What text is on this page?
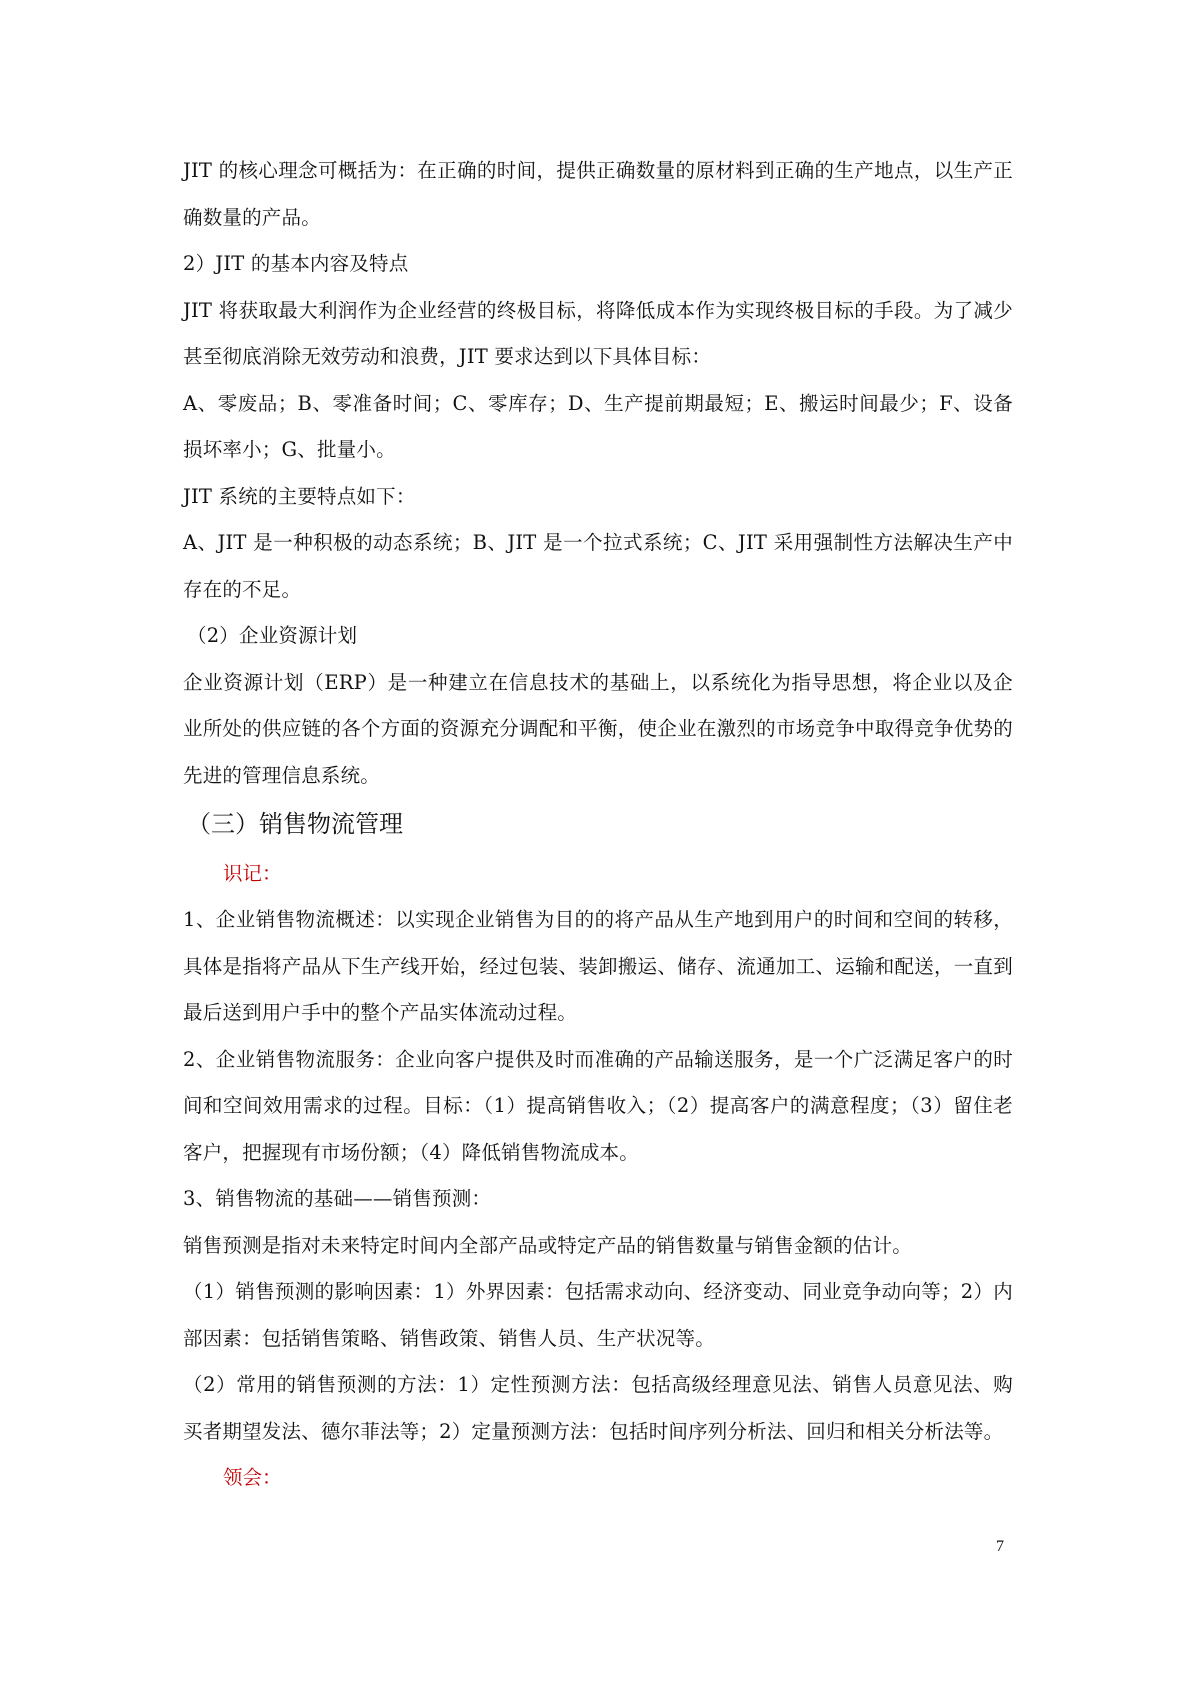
JIT 的核心理念可概括为：在正确的时间，提供正确数量的原材料到正确的生产地点，以生产正确数量的产品。

2）JIT 的基本内容及特点

JIT 将获取最大利润作为企业经营的终极目标，将降低成本作为实现终极目标的手段。为了减少甚至彻底消除无效劳动和浪费，JIT 要求达到以下具体目标：

A、零废品；B、零准备时间；C、零库存；D、生产提前期最短；E、搬运时间最少；F、设备损坏率小；G、批量小。

JIT 系统的主要特点如下：

A、JIT 是一种积极的动态系统；B、JIT 是一个拉式系统；C、JIT 采用强制性方法解决生产中存在的不足。

（2）企业资源计划

企业资源计划（ERP）是一种建立在信息技术的基础上，以系统化为指导思想，将企业以及企业所处的供应链的各个方面的资源充分调配和平衡，使企业在激烈的市场竞争中取得竞争优势的先进的管理信息系统。

（三）销售物流管理
识记：

1、企业销售物流概述：以实现企业销售为目的的将产品从生产地到用户的时间和空间的转移，具体是指将产品从下生产线开始，经过包装、装卸搬运、储存、流通加工、运输和配送，一直到最后送到用户手中的整个产品实体流动过程。

2、企业销售物流服务：企业向客户提供及时而准确的产品输送服务，是一个广泛满足客户的时间和空间效用需求的过程。目标：（1）提高销售收入；（2）提高客户的满意程度；（3）留住老客户，把握现有市场份额；（4）降低销售物流成本。

3、销售物流的基础——销售预测：

销售预测是指对未来特定时间内全部产品或特定产品的销售数量与销售金额的估计。

（1）销售预测的影响因素：1）外界因素：包括需求动向、经济变动、同业竞争动向等；2）内部因素：包括销售策略、销售政策、销售人员、生产状况等。

（2）常用的销售预测的方法：1）定性预测方法：包括高级经理意见法、销售人员意见法、购买者期望发法、德尔菲法等；2）定量预测方法：包括时间序列分析法、回归和相关分析法等。

领会：
7
